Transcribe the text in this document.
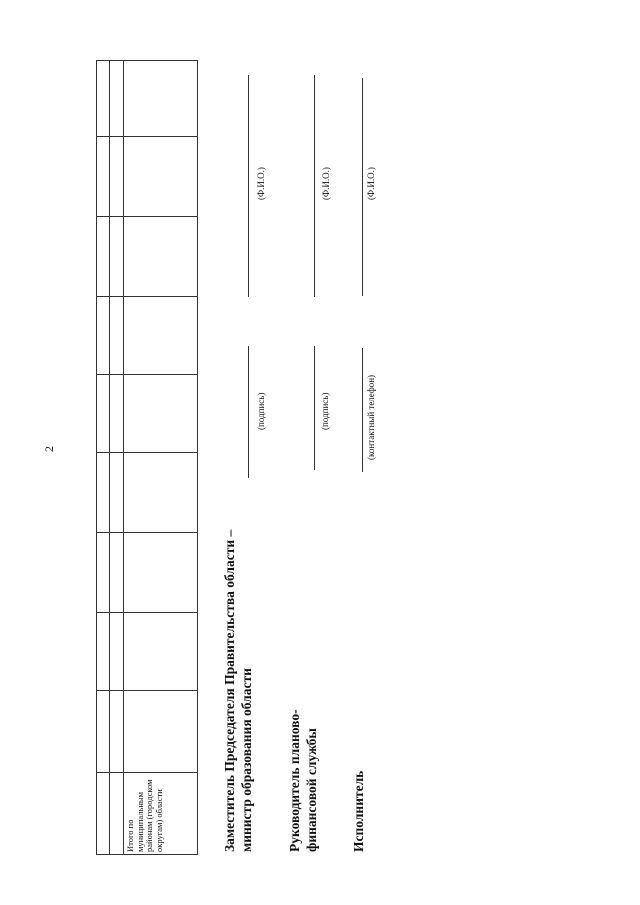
2
Итого по муниципальным районам (городском округам) области	Заместитель Председателя Правительства области – министр образования области
(подпись)
(Ф.И.О.)
Руководитель планово- финансовой службы
(подпись)
(Ф.И.О.)
Исполнитель
(контактный телефон)
(Ф.И.О.)
